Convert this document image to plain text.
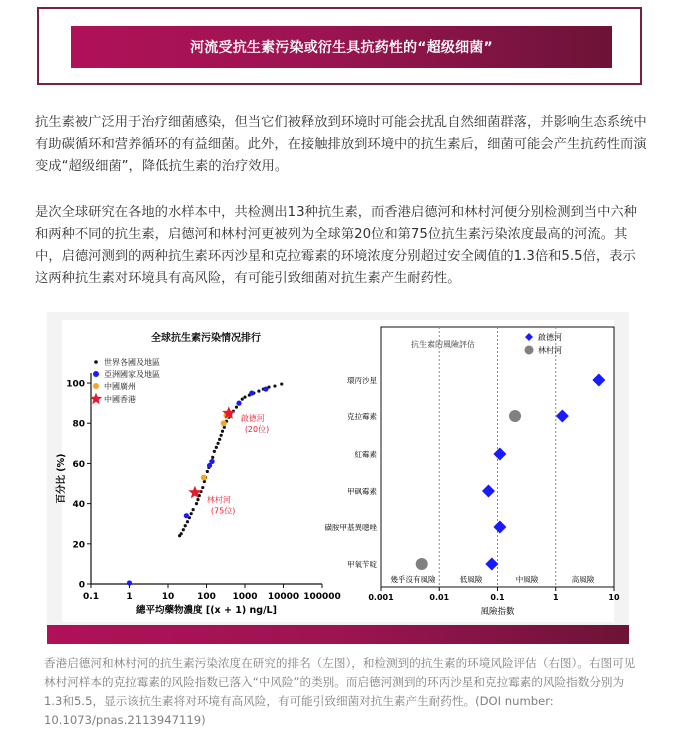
河流受抗生素污染或衍生具抗药性的“超级细菌”

抗生素被广泛用于治疗细菌感染，但当它们被释放到环境时可能会扰乱自然细菌群落，并影响生态系统中有助碳循环和营养循环的有益细菌。此外，在接触排放到环境中的抗生素后，细菌可能会产生抗药性而演变成“超级细菌”，降低抗生素的治疗效用。

是次全球研究在各地的水样本中，共检测出13种抗生素，而香港启德河和林村河便分别检测到当中六种和两种不同的抗生素，启德河和林村河更被列为全球第20位和第75位抗生素污染浓度最高的河流。其中，启德河测到的两种抗生素环丙沙星和克拉霉素的环境浓度分别超过安全阈值的1.3倍和5.5倍，表示这两种抗生素对环境具有高风险，有可能引致细菌对抗生素产生耐药性。

全球抗生素污染情况排行
0
20
40
60
80
100
0.1	1	10	100 1000 10000 100000
總平均藥物濃度 [(x + 1) ng/L]
百分比 (%)
啟德河
(20位)
林村河
(75位)
世界各國及地區
亞洲國家及地區
中國廣州
中國香港
抗生素的風險評估
啟德河
林村河
環丙沙星
克拉霉素
紅霉素
甲砜霉素
磺胺甲基異噁唑
甲氧苄啶
幾乎沒有風險	低風險	中風險	高風險
0.001	0.01	0.1	1	10
風險指數

香港启德河和林村河的抗生素污染浓度在研究的排名（左图），和检测到的抗生素的环境风险评估（右图）。右图可见林村河样本的克拉霉素的风险指数已落入“中风险”的类别。而启德河测到的环丙沙星和克拉霉素的风险指数分别为1.3和5.5，显示该抗生素将对环境有高风险，有可能引致细菌对抗生素产生耐药性。(DOI number: 10.1073/pnas.2113947119)
